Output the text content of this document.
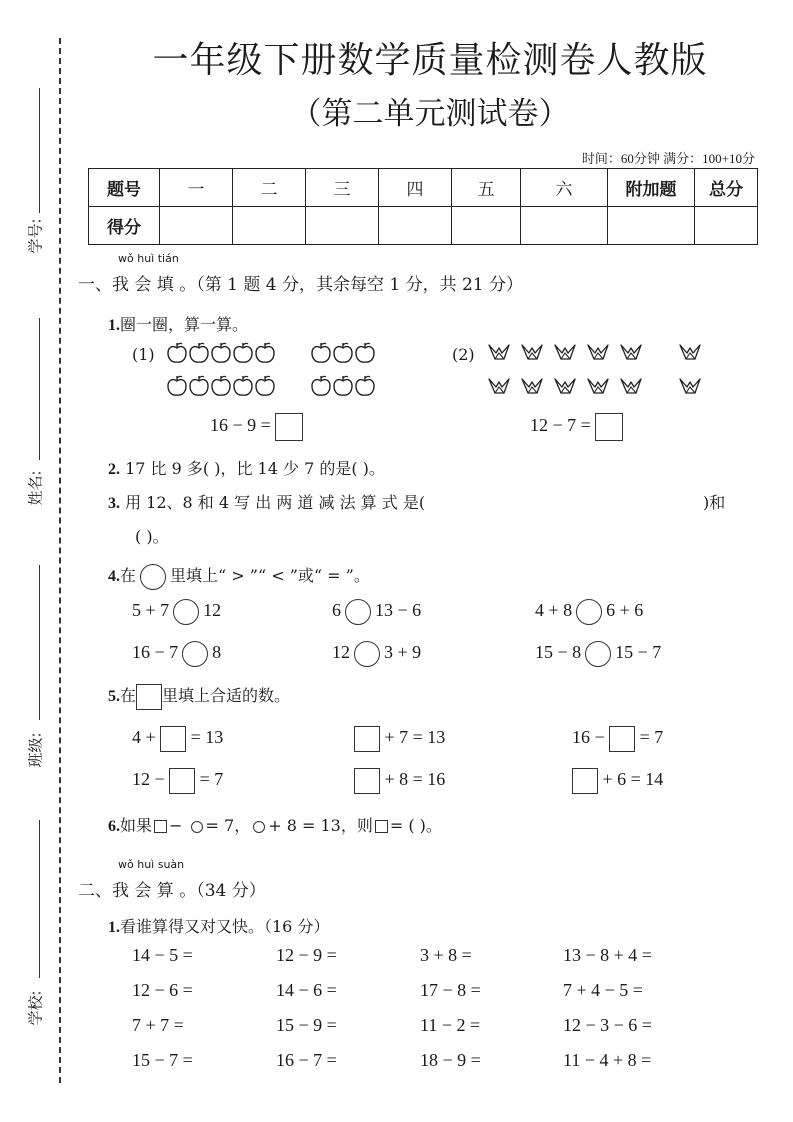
学号:
姓名:
班级:
学校:
一年级下册数学质量检测卷人教版
（第二单元测试卷）
时间：60分钟 满分：100+10分
题号	一	二	三	四	五	六	附加题	总分
得分								
wǒ huì tián
一、我 会 填 。（第 1 题 4 分，其余每空 1 分，共 21 分）
1.圈一圈，算一算。
(1)	(2)
16 − 9 =	12 − 7 =
2. 17 比 9 多( )，比 14 少 7 的是( )。
3. 用 12、8 和 4 写 出 两 道 减 法 算 式 是(	)和
( )。
4.在 里填上“ > ”“ < ”或“ = ”。
5 + 7 12	6 13 − 6	4 + 8 6 + 6
16 − 7 8	12 3 + 9	15 − 8 15 − 7
5.在 里填上合适的数。
4 + = 13	+ 7 = 13	16 − = 7
12 − = 7	+ 8 = 16	+ 6 = 14
6.如果 − = 7， + 8 = 13，则 = ( )。
wǒ huì suàn
二、我 会 算 。（34 分）
1.看谁算得又对又快。（16 分）
14 − 5 =	12 − 9 =	3 + 8 =	13 − 8 + 4 =
12 − 6 =	14 − 6 =	17 − 8 =	7 + 4 − 5 =
7 + 7 =	15 − 9 =	11 − 2 =	12 − 3 − 6 =
15 − 7 =	16 − 7 =	18 − 9 =	11 − 4 + 8 =
